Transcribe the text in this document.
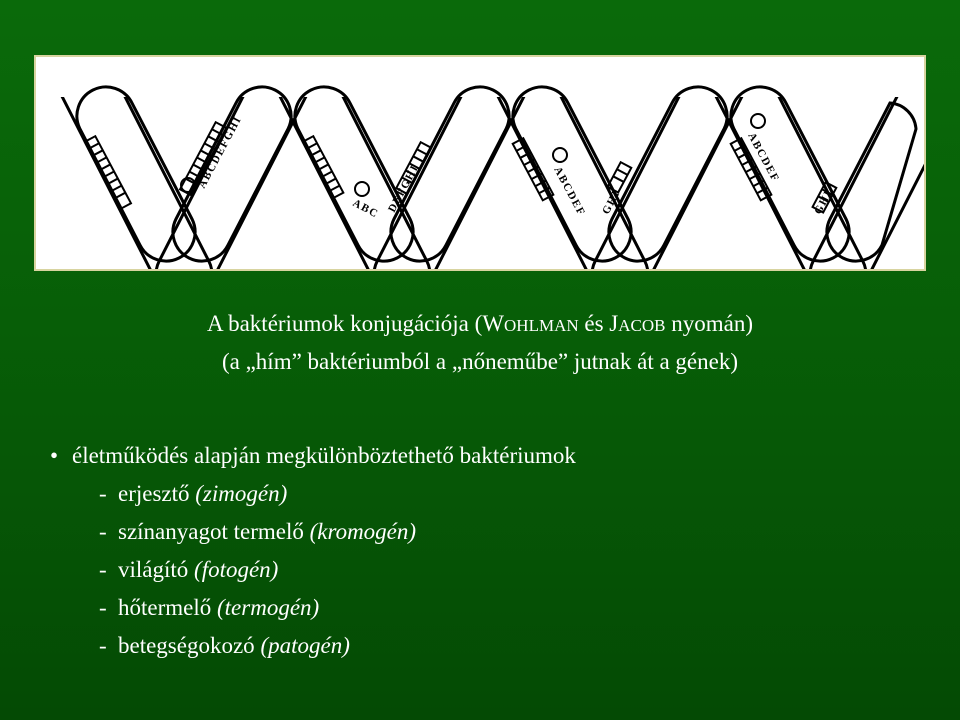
ABCDEFGHI
ABC DEFGHI	ABCDEF GHI
ABCDEF
GHI
A baktériumok konjugációja (WOHLMAN és JACOB nyomán)
(a „hím” baktériumból a „nőneműbe” jutnak át a gének)
• életműködés alapján megkülönböztethető baktériumok
- erjesztő (zimogén)
- színanyagot termelő (kromogén)
- világító (fotogén)
- hőtermelő (termogén)
- betegségokozó (patogén)
